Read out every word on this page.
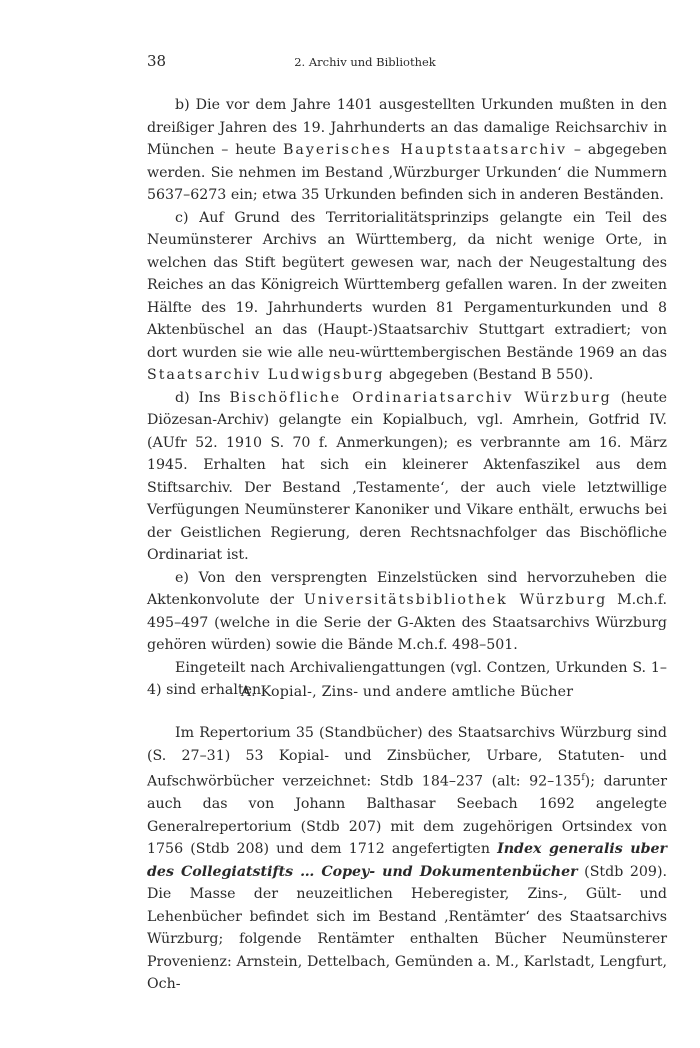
38	2. Archiv und Bibliothek

b) Die vor dem Jahre 1401 ausgestellten Urkunden mußten in den dreißiger Jahren des 19. Jahrhunderts an das damalige Reichsarchiv in München – heute Bayerisches Hauptstaatsarchiv – abgegeben werden. Sie nehmen im Bestand ‚Würzburger Urkunden‘ die Nummern 5637–6273 ein; etwa 35 Urkunden befinden sich in anderen Beständen.

c) Auf Grund des Territorialitätsprinzips gelangte ein Teil des Neumünsterer Archivs an Württemberg, da nicht wenige Orte, in welchen das Stift begütert gewesen war, nach der Neugestaltung des Reiches an das Königreich Württemberg gefallen waren. In der zweiten Hälfte des 19. Jahrhunderts wurden 81 Pergamenturkunden und 8 Aktenbüschel an das (Haupt-)Staatsarchiv Stuttgart extradiert; von dort wurden sie wie alle neu-württembergischen Bestände 1969 an das Staatsarchiv Ludwigsburg abgegeben (Bestand B 550).

d) Ins Bischöfliche Ordinariatsarchiv Würzburg (heute Diözesan-Archiv) gelangte ein Kopialbuch, vgl. Amrhein, Gotfrid IV. (AUfr 52. 1910 S. 70 f. Anmerkungen); es verbrannte am 16. März 1945. Erhalten hat sich ein kleinerer Aktenfaszikel aus dem Stiftsarchiv. Der Bestand ‚Testamente‘, der auch viele letztwillige Verfügungen Neumünsterer Kanoniker und Vikare enthält, erwuchs bei der Geistlichen Regierung, deren Rechtsnachfolger das Bischöfliche Ordinariat ist.

e) Von den versprengten Einzelstücken sind hervorzuheben die Aktenkonvolute der Universitätsbibliothek Würzburg M.ch.f. 495–497 (welche in die Serie der G-Akten des Staatsarchivs Würzburg gehören würden) sowie die Bände M.ch.f. 498–501.

Eingeteilt nach Archivaliengattungen (vgl. Contzen, Urkunden S. 1–4) sind erhalten:

A. Kopial-, Zins- und andere amtliche Bücher

Im Repertorium 35 (Standbücher) des Staatsarchivs Würzburg sind (S. 27–31) 53 Kopial- und Zinsbücher, Urbare, Statuten- und Aufschwörbücher verzeichnet: Stdb 184–237 (alt: 92–135$^f$); darunter auch das von Johann Balthasar Seebach 1692 angelegte Generalrepertorium (Stdb 207) mit dem zugehörigen Ortsindex von 1756 (Stdb 208) und dem 1712 angefertigten Index generalis uber des Collegiatstifts … Copey- und Dokumentenbücher (Stdb 209). Die Masse der neuzeitlichen Heberegister, Zins-, Gült- und Lehenbücher befindet sich im Bestand ‚Rentämter‘ des Staatsarchivs Würzburg; folgende Rentämter enthalten Bücher Neumünsterer Provenienz: Arnstein, Dettelbach, Gemünden a. M., Karlstadt, Lengfurt, Och-
